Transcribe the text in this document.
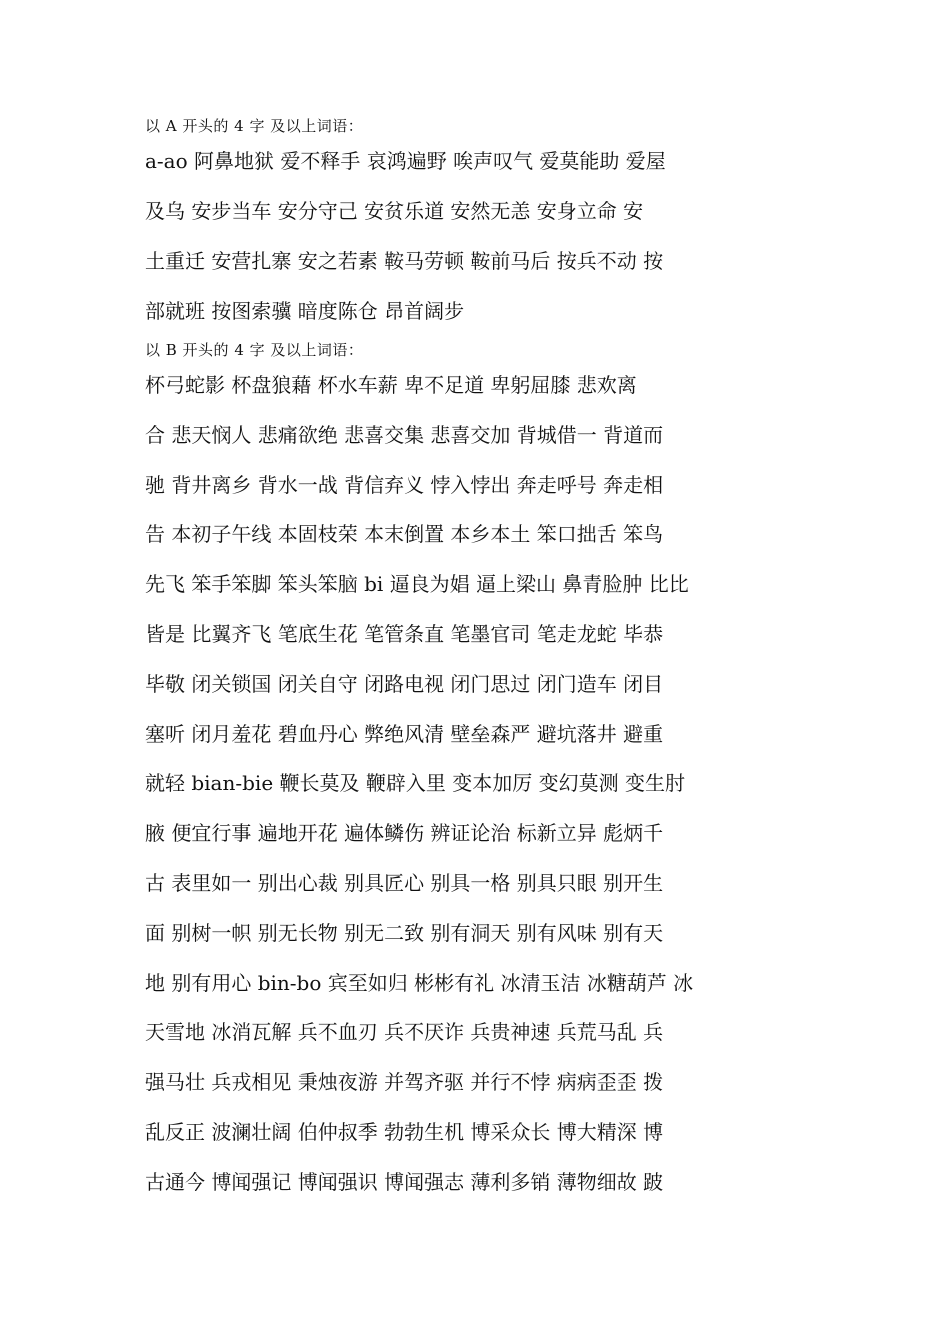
以 A 开头的 4 字 及以上词语：
a-ao 阿鼻地狱 爱不释手 哀鸿遍野 唉声叹气 爱莫能助 爱屋
及乌 安步当车 安分守己 安贫乐道 安然无恙 安身立命 安
土重迁 安营扎寨 安之若素 鞍马劳顿 鞍前马后 按兵不动 按
部就班 按图索骥 暗度陈仓 昂首阔步
以 B 开头的 4 字 及以上词语：
杯弓蛇影 杯盘狼藉 杯水车薪 卑不足道 卑躬屈膝 悲欢离
合 悲天悯人 悲痛欲绝 悲喜交集 悲喜交加 背城借一 背道而
驰 背井离乡 背水一战 背信弃义 悖入悖出 奔走呼号 奔走相
告 本初子午线 本固枝荣 本末倒置 本乡本土 笨口拙舌 笨鸟
先飞 笨手笨脚 笨头笨脑 bi 逼良为娼 逼上梁山 鼻青脸肿 比比
皆是 比翼齐飞 笔底生花 笔管条直 笔墨官司 笔走龙蛇 毕恭
毕敬 闭关锁国 闭关自守 闭路电视 闭门思过 闭门造车 闭目
塞听 闭月羞花 碧血丹心 弊绝风清 壁垒森严 避坑落井 避重
就轻 bian-bie 鞭长莫及 鞭辟入里 变本加厉 变幻莫测 变生肘
腋 便宜行事 遍地开花 遍体鳞伤 辨证论治 标新立异 彪炳千
古 表里如一 别出心裁 别具匠心 别具一格 别具只眼 别开生
面 别树一帜 别无长物 别无二致 别有洞天 别有风味 别有天
地 别有用心 bin-bo 宾至如归 彬彬有礼 冰清玉洁 冰糖葫芦 冰
天雪地 冰消瓦解 兵不血刃 兵不厌诈 兵贵神速 兵荒马乱 兵
强马壮 兵戎相见 秉烛夜游 并驾齐驱 并行不悖 病病歪歪 拨
乱反正 波澜壮阔 伯仲叔季 勃勃生机 博采众长 博大精深 博
古通今 博闻强记 博闻强识 博闻强志 薄利多销 薄物细故 跛
